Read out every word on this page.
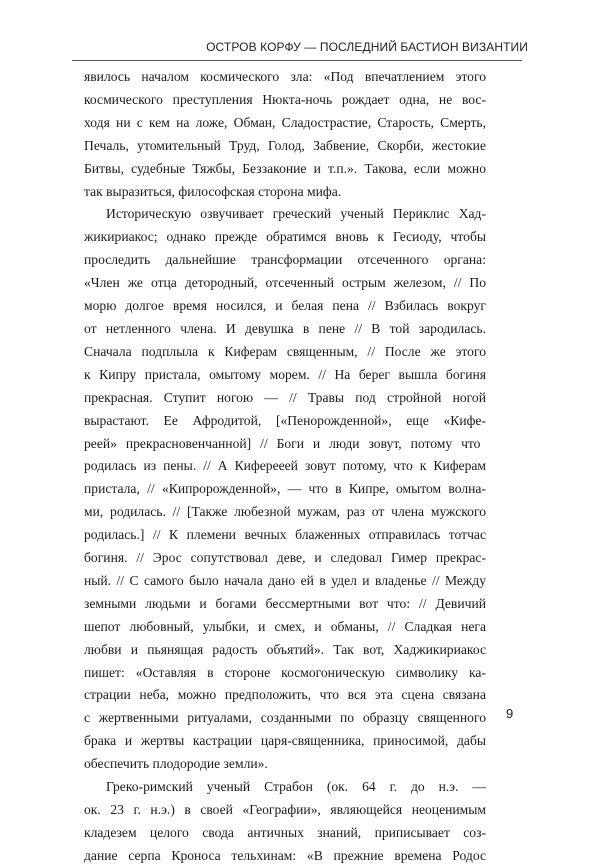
ОСТРОВ КОРФУ — ПОСЛЕДНИЙ БАСТИОН ВИЗАНТИИ
явилось началом космического зла: «Под впечатлением этого
космического преступления Нюкта-ночь рождает одна, не вос-
ходя ни с кем на ложе, Обман, Сладострастие, Старость, Смерть,
Печаль, утомительный Труд, Голод, Забвение, Скорби, жестокие
Битвы, судебные Тяжбы, Беззаконие и т.п.». Такова, если можно
так выразиться, философская сторона мифа.
Историческую озвучивает греческий ученый Периклис Хад-
жикириакос; однако прежде обратимся вновь к Гесиоду, чтобы
проследить дальнейшие трансформации отсеченного органа:
«Член же отца детородный, отсеченный острым железом, // По
морю долгое время носился, и белая пена // Взбилась вокруг
от нетленного члена. И девушка в пене // В той зародилась.
Сначала подплыла к Киферам священным, // После же этого
к Кипру пристала, омытому морем. // На берег вышла богиня
прекрасная. Ступит ногою — // Травы под стройной ногой
вырастают. Ее Афродитой, [«Пенорожденной», еще «Кифе-
реей» прекрасновенчанной] // Боги и люди зовут, потому что
родилась из пены. // А Киферееей зовут потому, что к Киферам
пристала, // «Кипророжденной», — что в Кипре, омытом волна-
ми, родилась. // [Также любезной мужам, раз от члена мужского
родилась.] // К племени вечных блаженных отправилась тотчас
богиня. // Эрос сопутствовал деве, и следовал Гимер прекрас-
ный. // С самого было начала дано ей в удел и владенье // Между
земными людьми и богами бессмертными вот что: // Девичий
шепот любовный, улыбки, и смех, и обманы, // Сладкая нега
любви и пьянящая радость объятий». Так вот, Хаджикириакос
пишет: «Оставляя в стороне космогоническую символику ка-
страции неба, можно предположить, что вся эта сцена связана
с жертвенными ритуалами, созданными по образцу священного
брака и жертвы кастрации царя-священника, приносимой, дабы
обеспечить плодородие земли».
Греко-римский ученый Страбон (ок. 64 г. до н.э. —
ок. 23 г. н.э.) в своей «Географии», являющейся неоценимым
кладезем целого свода античных знаний, приписывает соз-
дание серпа Кроноса тельхинам: «В прежние времена Родос
9
